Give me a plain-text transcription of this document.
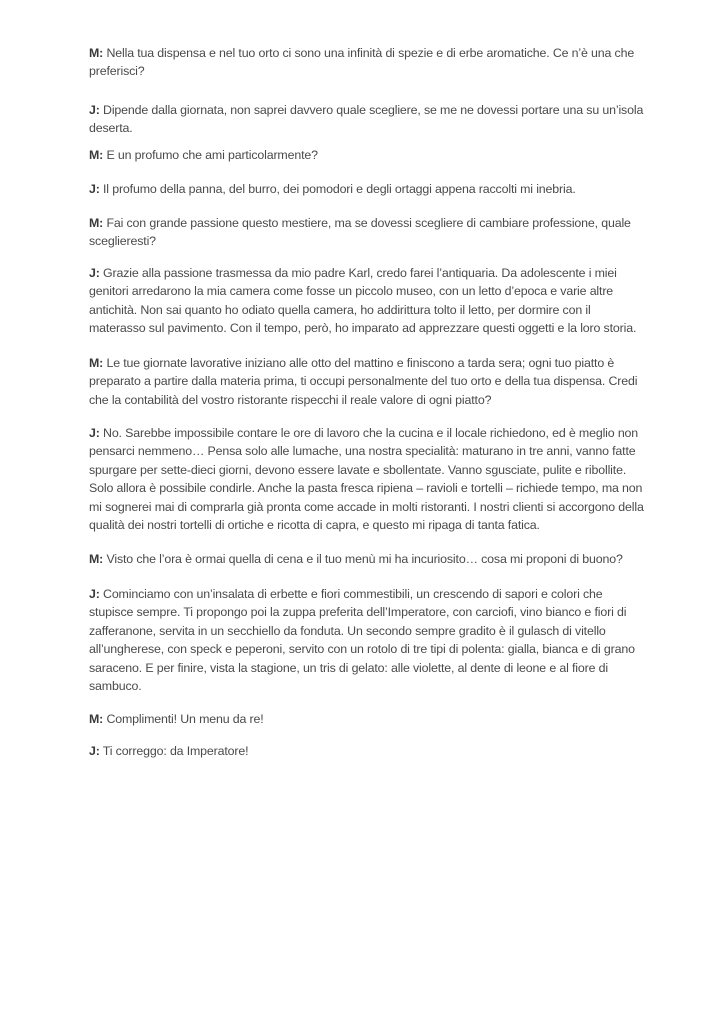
M: Nella tua dispensa e nel tuo orto ci sono una infinità di spezie e di erbe aromatiche. Ce n’è una che preferisci?

J: Dipende dalla giornata, non saprei davvero quale scegliere, se me ne dovessi portare una su un’isola deserta.

M: E un profumo che ami particolarmente?

J: Il profumo della panna, del burro, dei pomodori e degli ortaggi appena raccolti mi inebria.

M: Fai con grande passione questo mestiere, ma se dovessi scegliere di cambiare professione, quale sceglieresti?

J: Grazie alla passione trasmessa da mio padre Karl, credo farei l’antiquaria. Da adolescente i miei genitori arredarono la mia camera come fosse un piccolo museo, con un letto d’epoca e varie altre antichità. Non sai quanto ho odiato quella camera, ho addirittura tolto il letto, per dormire con il materasso sul pavimento. Con il tempo, però, ho imparato ad apprezzare questi oggetti e la loro storia.

M: Le tue giornate lavorative iniziano alle otto del mattino e finiscono a tarda sera; ogni tuo piatto è preparato a partire dalla materia prima, ti occupi personalmente del tuo orto e della tua dispensa. Credi che la contabilità del vostro ristorante rispecchi il reale valore di ogni piatto?

J: No. Sarebbe impossibile contare le ore di lavoro che la cucina e il locale richiedono, ed è meglio non pensarci nemmeno… Pensa solo alle lumache, una nostra specialità: maturano in tre anni, vanno fatte spurgare per sette-dieci giorni, devono essere lavate e sbollentate. Vanno sgusciate, pulite e ribollite. Solo allora è possibile condirle. Anche la pasta fresca ripiena – ravioli e tortelli – richiede tempo, ma non mi sognerei mai di comprarla già pronta come accade in molti ristoranti. I nostri clienti si accorgono della qualità dei nostri tortelli di ortiche e ricotta di capra, e questo mi ripaga di tanta fatica.

M: Visto che l’ora è ormai quella di cena e il tuo menù mi ha incuriosito… cosa mi proponi di buono?

J: Cominciamo con un’insalata di erbette e fiori commestibili, un crescendo di sapori e colori che stupisce sempre. Ti propongo poi la zuppa preferita dell’Imperatore, con carciofi, vino bianco e fiori di zafferanone, servita in un secchiello da fonduta. Un secondo sempre gradito è il gulasch di vitello all’ungherese, con speck e peperoni, servito con un rotolo di tre tipi di polenta: gialla, bianca e di grano saraceno. E per finire, vista la stagione, un tris di gelato: alle violette, al dente di leone e al fiore di sambuco.

M: Complimenti! Un menu da re!

J: Ti correggo: da Imperatore!
